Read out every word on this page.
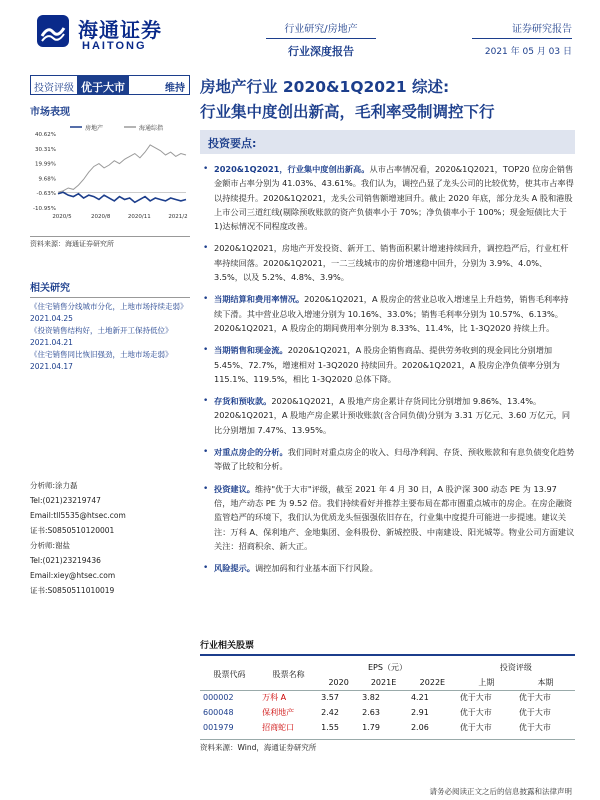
海通证券
HAITONG
行业研究/房地产
行业深度报告
证券研究报告
2021 年 05 月 03 日
投资评级 优于大市	维持
市场表现
房地产	海通综指
40.62%
30.31%
19.99%
9.68%
-0.63%
-10.95%
2020/5	2020/8	2020/11	2021/2
资料来源：海通证券研究所
相关研究
《住宅销售分线城市分化，上地市场持续走弱》2021.04.25
《投资销售结构好，土地新开工保持低位》2021.04.21
《住宅销售同比恢旧强劲，土地市场走弱》2021.04.17
分析师:涂力磊
Tel:(021)23219747
Email:tll5535@htsec.com
证书:S0850510120001
分析师:谢盐
Tel:(021)23219436
Email:xiey@htsec.com
证书:S0850511010019
房地产行业 2020&1Q2021 综述:
行业集中度创出新高，毛利率受制调控下行
投资要点:
• 2020&1Q2021，行业集中度创出新高。从市占率情况看，2020&1Q2021，TOP20 位房企销售金额市占率分别为 41.03%、43.61%。我们认为，调控凸显了龙头公司的比较优势，使其市占率得以持续提升。2020&1Q2021，龙头公司销售额增速回升。截止 2020 年底，部分龙头 A 股和港股上市公司三道红线(剔除预收账款的资产负债率小于 70%；净负债率小于 100%；现金短债比大于 1)达标情况不同程度改善。
• 2020&1Q2021，房地产开发投资、新开工、销售面积累计增速持续回升，调控趋严后，行业杠杆率持续回落。2020&1Q2021，一二三线城市的房价增速稳中回升，分别为 3.9%、4.0%、3.5%，以及 5.2%、4.8%、3.9%。
• 当期结算和费用率情况。2020&1Q2021，A 股房企的营业总收入增速呈上升趋势，销售毛利率持续下滑。其中营业总收入增速分别为 10.16%、33.0%；销售毛利率分别为 10.57%、6.13%。2020&1Q2021，A 股房企的期间费用率分别为 8.33%、11.4%，比 1-3Q2020 持续上升。
• 当期销售和现金流。2020&1Q2021，A 股房企销售商品、提供劳务收到的现金同比分别增加 5.45%、72.7%，增速相对 1-3Q2020 持续回升。2020&1Q2021，A 股房企净负债率分别为 115.1%、119.5%，相比 1-3Q2020 总体下降。
• 存货和预收款。2020&1Q2021，A 股地产房企累计存货同比分别增加 9.86%、13.4%。2020&1Q2021，A 股地产房企累计预收账款(含合同负债)分别为 3.31 万亿元、3.60 万亿元，同比分别增加 7.47%、13.95%。
• 对重点房企的分析。我们同时对重点房企的收入、归母净利润、存货、预收账款和有息负债变化趋势等做了比较和分析。
• 投资建议。维持"优于大市"评级，截至 2021 年 4 月 30 日，A 股沪深 300 动态 PE 为 13.97 倍，地产动态 PE 为 9.52 倍。我们持续看好并推荐主要布局在都市圈重点城市的房企。在房企融资监管趋严的环境下，我们认为优质龙头恒强强依旧存在，行业集中度提升可能进一步提速。建议关注：万科 A、保利地产、金地集团、金科股份、新城控股、中南建设、阳光城等。物业公司方面建议关注：招商积余、新大正。
• 风险提示。调控加码和行业基本面下行风险。
行业相关股票
股票代码	股票名称	EPS（元）			投资评级	
		2020	2021E	2022E	上期	本期
000002	万科 A	3.57	3.82	4.21	优于大市	优于大市
600048	保利地产	2.42	2.63	2.91	优于大市	优于大市
001979	招商蛇口	1.55	1.79	2.06	优于大市	优于大市
资料来源：Wind，海通证券研究所
请务必阅读正文之后的信息披露和法律声明
